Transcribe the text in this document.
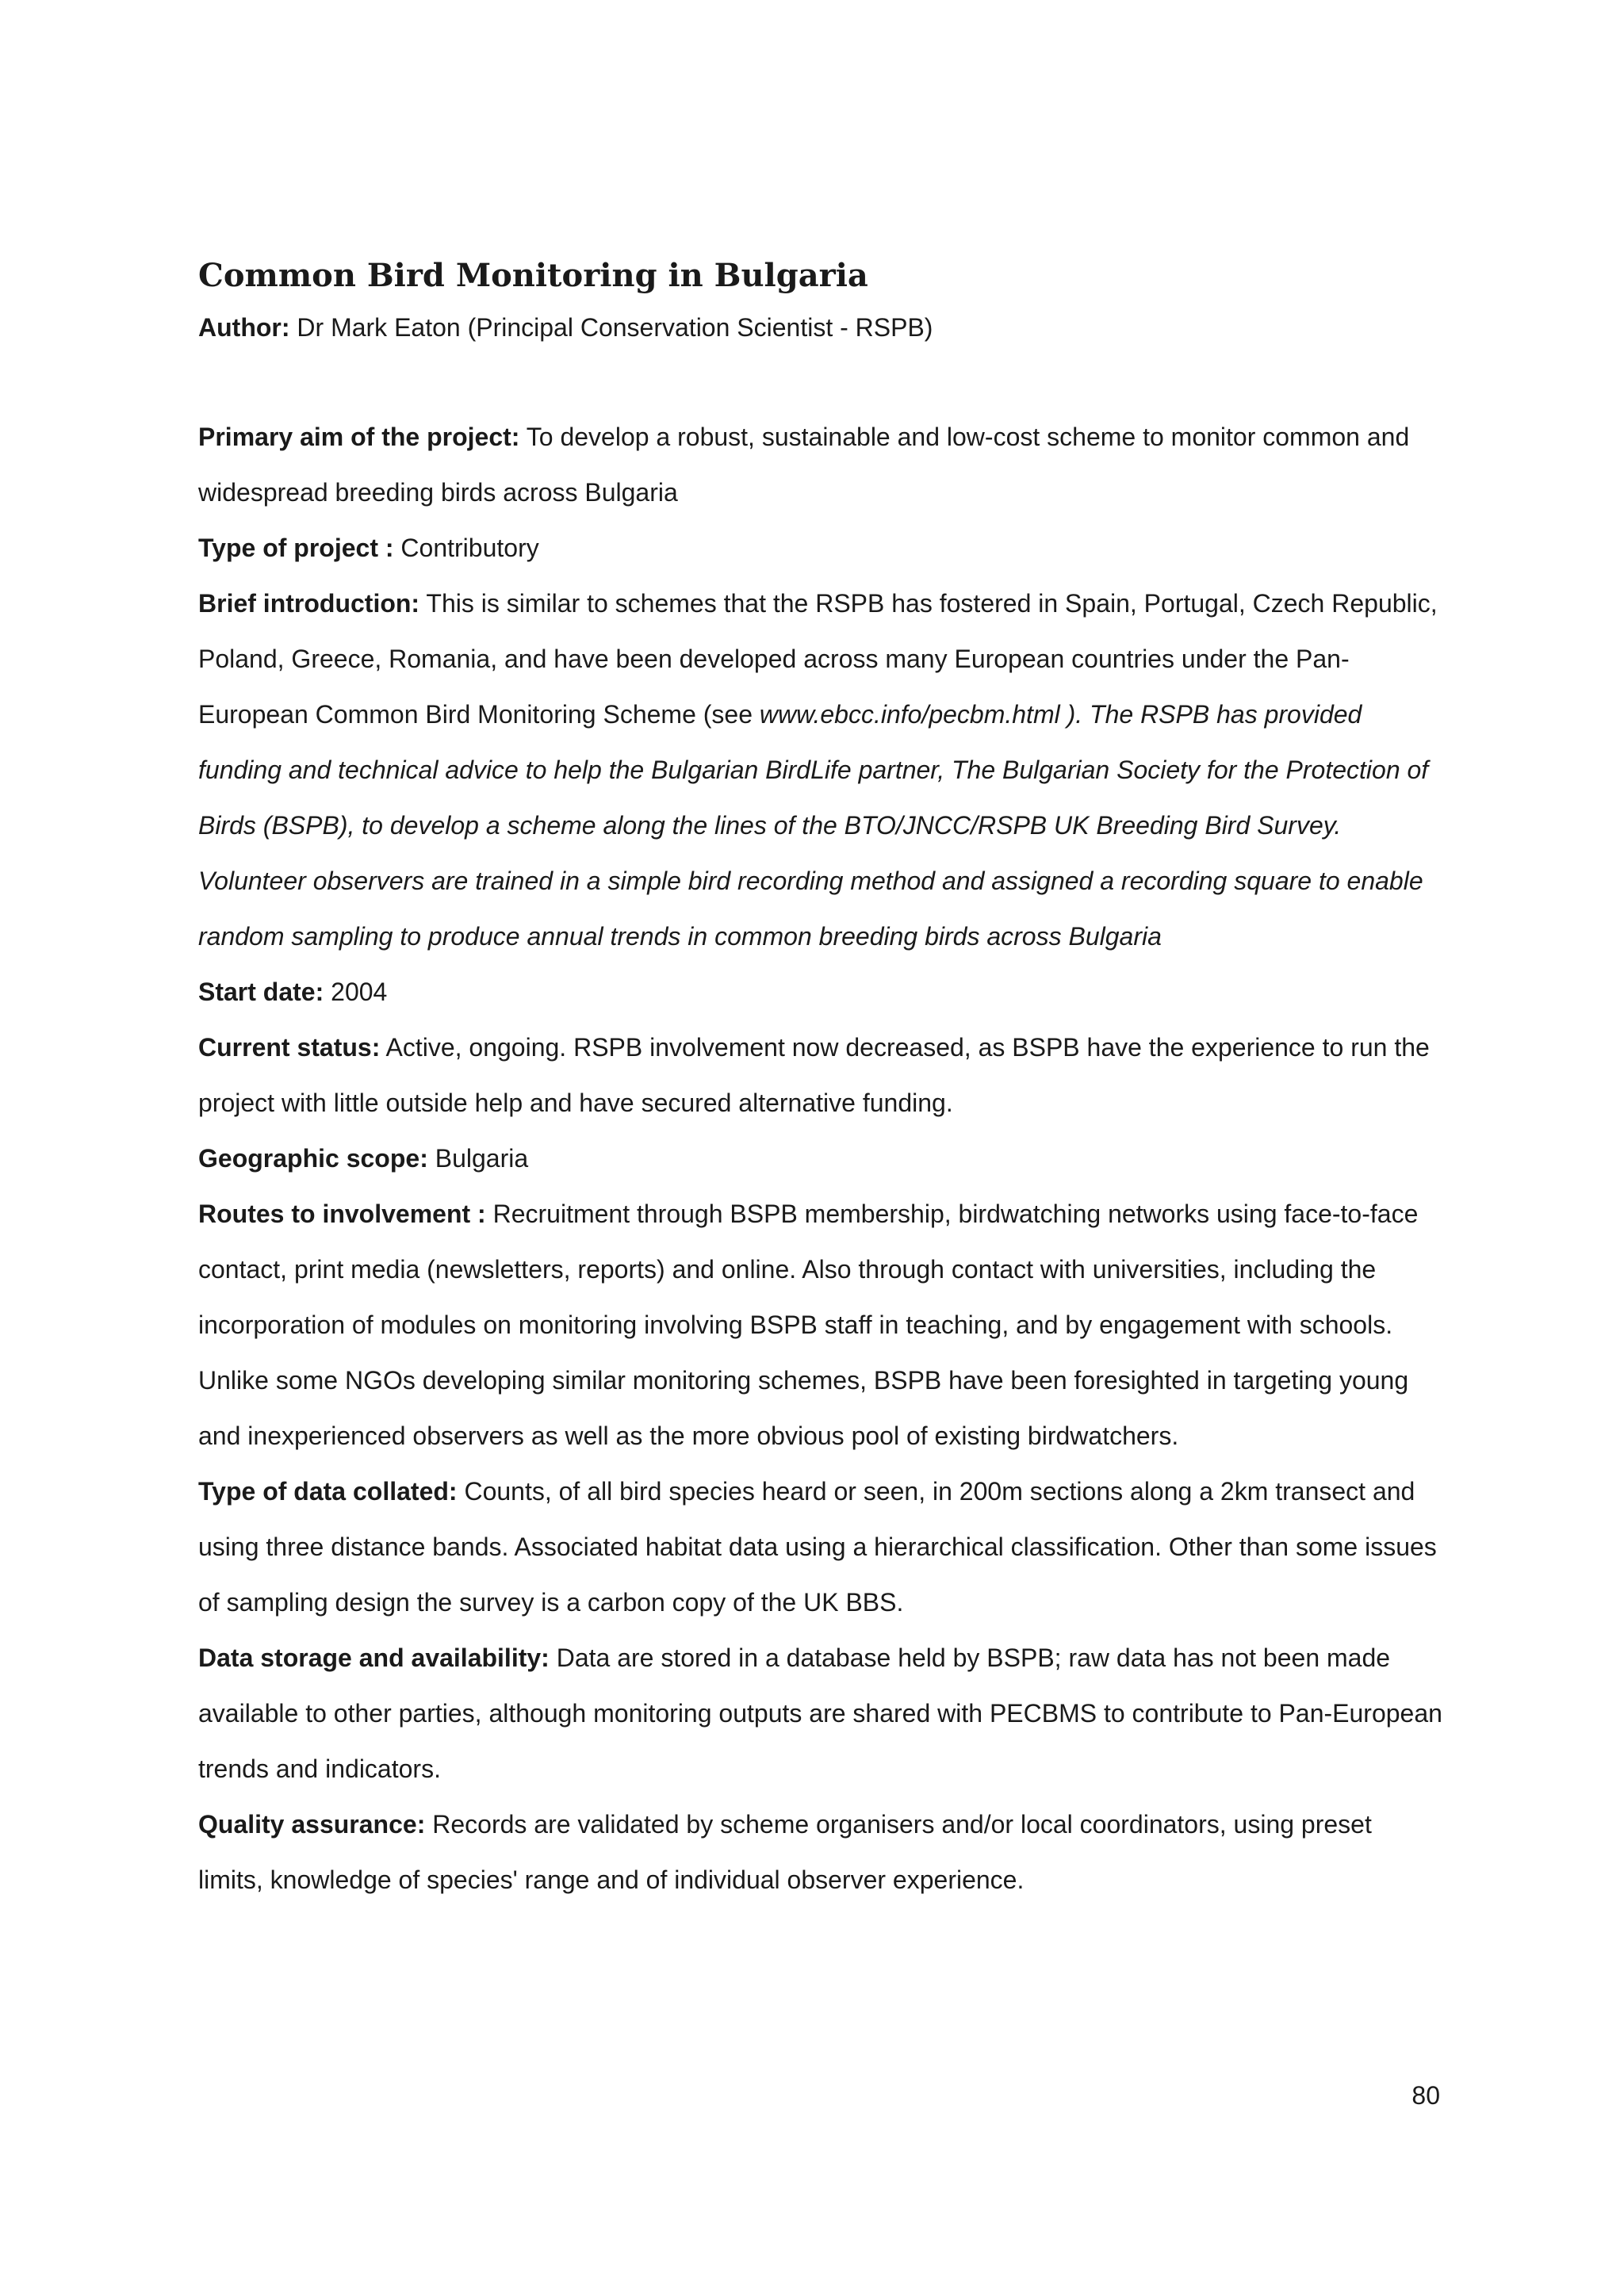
Common Bird Monitoring in Bulgaria

Author: Dr Mark Eaton (Principal Conservation Scientist - RSPB)

Primary aim of the project: To develop a robust, sustainable and low-cost scheme to monitor common and widespread breeding birds across Bulgaria

Type of project : Contributory

Brief introduction: This is similar to schemes that the RSPB has fostered in Spain, Portugal, Czech Republic, Poland, Greece, Romania, and have been developed across many European countries under the Pan-European Common Bird Monitoring Scheme (see www.ebcc.info/pecbm.html ). The RSPB has provided funding and technical advice to help the Bulgarian BirdLife partner, The Bulgarian Society for the Protection of Birds (BSPB), to develop a scheme along the lines of the BTO/JNCC/RSPB UK Breeding Bird Survey. Volunteer observers are trained in a simple bird recording method and assigned a recording square to enable random sampling to produce annual trends in common breeding birds across Bulgaria

Start date: 2004

Current status: Active, ongoing. RSPB involvement now decreased, as BSPB have the experience to run the project with little outside help and have secured alternative funding.

Geographic scope: Bulgaria

Routes to involvement : Recruitment through BSPB membership, birdwatching networks using face-to-face contact, print media (newsletters, reports) and online. Also through contact with universities, including the incorporation of modules on monitoring involving BSPB staff in teaching, and by engagement with schools. Unlike some NGOs developing similar monitoring schemes, BSPB have been foresighted in targeting young and inexperienced observers as well as the more obvious pool of existing birdwatchers.

Type of data collated: Counts, of all bird species heard or seen, in 200m sections along a 2km transect and using three distance bands. Associated habitat data using a hierarchical classification. Other than some issues of sampling design the survey is a carbon copy of the UK BBS.

Data storage and availability: Data are stored in a database held by BSPB; raw data has not been made available to other parties, although monitoring outputs are shared with PECBMS to contribute to Pan-European trends and indicators.

Quality assurance: Records are validated by scheme organisers and/or local coordinators, using preset limits, knowledge of species' range and of individual observer experience.

80
